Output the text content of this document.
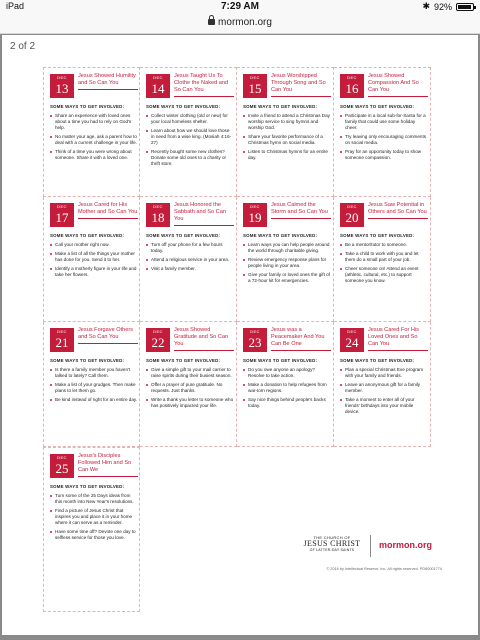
iPad	7:29 AM	✱ 92%
mormon.org
2 of 2
DEC
13
Jesus Showed Humility and So Can You
SOME WAYS TO GET INVOLVED:
Share an experience with loved ones about a time you had to rely on God's help.
No matter your age, ask a parent how to deal with a current challenge in your life.
Think of a time you were wrong about someone. Share it with a loved one.
DEC
14
Jesus Taught Us To Clothe the Naked and So Can You
SOME WAYS TO GET INVOLVED:
Collect winter clothing (old or new) for your local homeless shelter.
Learn about how we should love those in need from a wise king. (Mosiah 4:16-27)
Recently bought some new clothes? Donate some old ones to a charity or thrift store.
DEC
15
Jesus Worshipped Through Song and So Can You
SOME WAYS TO GET INVOLVED:
Invite a friend to attend a Christmas Day worship service to sing hymns and worship God.
Share your favorite performance of a Christmas hymn on social media.
Listen to Christmas hymns for an entire day.
DEC
16
Jesus Showed Compassion And So Can You
SOME WAYS TO GET INVOLVED:
Participate in a local sub-for-Santa for a family that could use some holiday cheer.
Try leaving only encouraging comments on social media.
Pray for an opportunity today to show someone compassion.
DEC
17
Jesus Cared for His Mother and So Can You
SOME WAYS TO GET INVOLVED:
Call your mother right now.
Make a list of all the things your mother has done for you. Send it to her.
Identify a motherly figure in your life and take her flowers.
DEC
18
Jesus Honored the Sabbath and So Can You
SOME WAYS TO GET INVOLVED:
Turn off your phone for a few hours today.
Attend a religious service in your area.
Visit a family member.
DEC
19
Jesus Calmed the Storm and So Can You
SOME WAYS TO GET INVOLVED:
Learn ways you can help people around the world through charitable giving.
Review emergency response plans for people living in your area.
Give your family or loved ones the gift of a 72-hour kit for emergencies.
DEC
20
Jesus Saw Potential in Others and So Can You
SOME WAYS TO GET INVOLVED:
Be a mentor/tutor to someone.
Take a child to work with you and let them do a small part of your job.
Cheer someone on! Attend an event (athletic, cultural, etc.) to support someone you know.
DEC
21
Jesus Forgave Others and So Can You
SOME WAYS TO GET INVOLVED:
Is there a family member you haven't talked to lately? Call them.
Make a list of your grudges. Then make plans to let them go.
Be kind instead of right for an entire day.
DEC
22
Jesus Showed Gratitude and So Can You
SOME WAYS TO GET INVOLVED:
Give a simple gift to your mail carrier to raise spirits during their busiest season.
Offer a prayer of pure gratitude. No requests. Just thanks.
Write a thank you letter to someone who has positively impacted your life.
DEC
23
Jesus was a Peacemaker And You Can Be One
SOME WAYS TO GET INVOLVED:
Do you owe anyone an apology? Resolve to take action.
Make a donation to help refugees from war-torn regions.
Say nice things behind people's backs today.
DEC
24
Jesus Cared For His Loved Ones and So Can You
SOME WAYS TO GET INVOLVED:
Plan a special Christmas Eve program with your family and friends.
Leave an anonymous gift for a family member.
Take a moment to enter all of your friends' birthdays into your mobile device.
DEC
25
Jesus's Disciples Followed Him and So Can We
SOME WAYS TO GET INVOLVED:
Turn some of the 25 Days ideas from this month into New Year's resolutions.
Find a picture of Jesus Christ that inspires you and place it in your home where it can serve as a reminder.
Have some time off? Devote one day to selfless service for those you love.	THE CHURCH OF
JESUS CHRIST
OF LATTER-DAY SAINTS	mormon.org
© 2016 by Intellectual Reserve, Inc. All rights reserved. PD60001774
